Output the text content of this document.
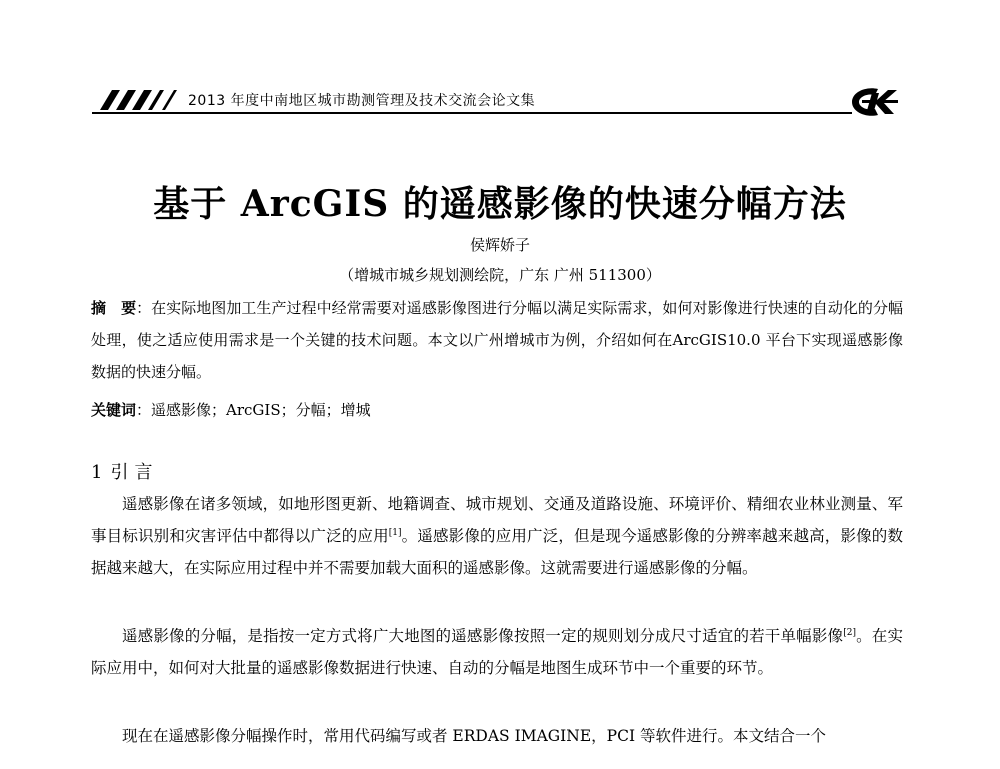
2013 年度中南地区城市勘测管理及技术交流会论文集
基于 ArcGIS 的遥感影像的快速分幅方法
侯辉娇子
（增城市城乡规划测绘院，广东 广州 511300）

摘　要：在实际地图加工生产过程中经常需要对遥感影像图进行分幅以满足实际需求，如何对影像进行快速的自动化的分幅处理，使之适应使用需求是一个关键的技术问题。本文以广州增城市为例，介绍如何在ArcGIS10.0 平台下实现遥感影像数据的快速分幅。

关键词：遥感影像；ArcGIS；分幅；增城

1 引言

遥感影像在诸多领域，如地形图更新、地籍调查、城市规划、交通及道路设施、环境评价、精细农业林业测量、军事目标识别和灾害评估中都得以广泛的应用[1]。遥感影像的应用广泛，但是现今遥感影像的分辨率越来越高，影像的数据越来越大，在实际应用过程中并不需要加载大面积的遥感影像。这就需要进行遥感影像的分幅。

遥感影像的分幅，是指按一定方式将广大地图的遥感影像按照一定的规则划分成尺寸适宜的若干单幅影像[2]。在实际应用中，如何对大批量的遥感影像数据进行快速、自动的分幅是地图生成环节中一个重要的环节。

现在在遥感影像分幅操作时，常用代码编写或者 ERDAS IMAGINE，PCI 等软件进行。本文结合一个
